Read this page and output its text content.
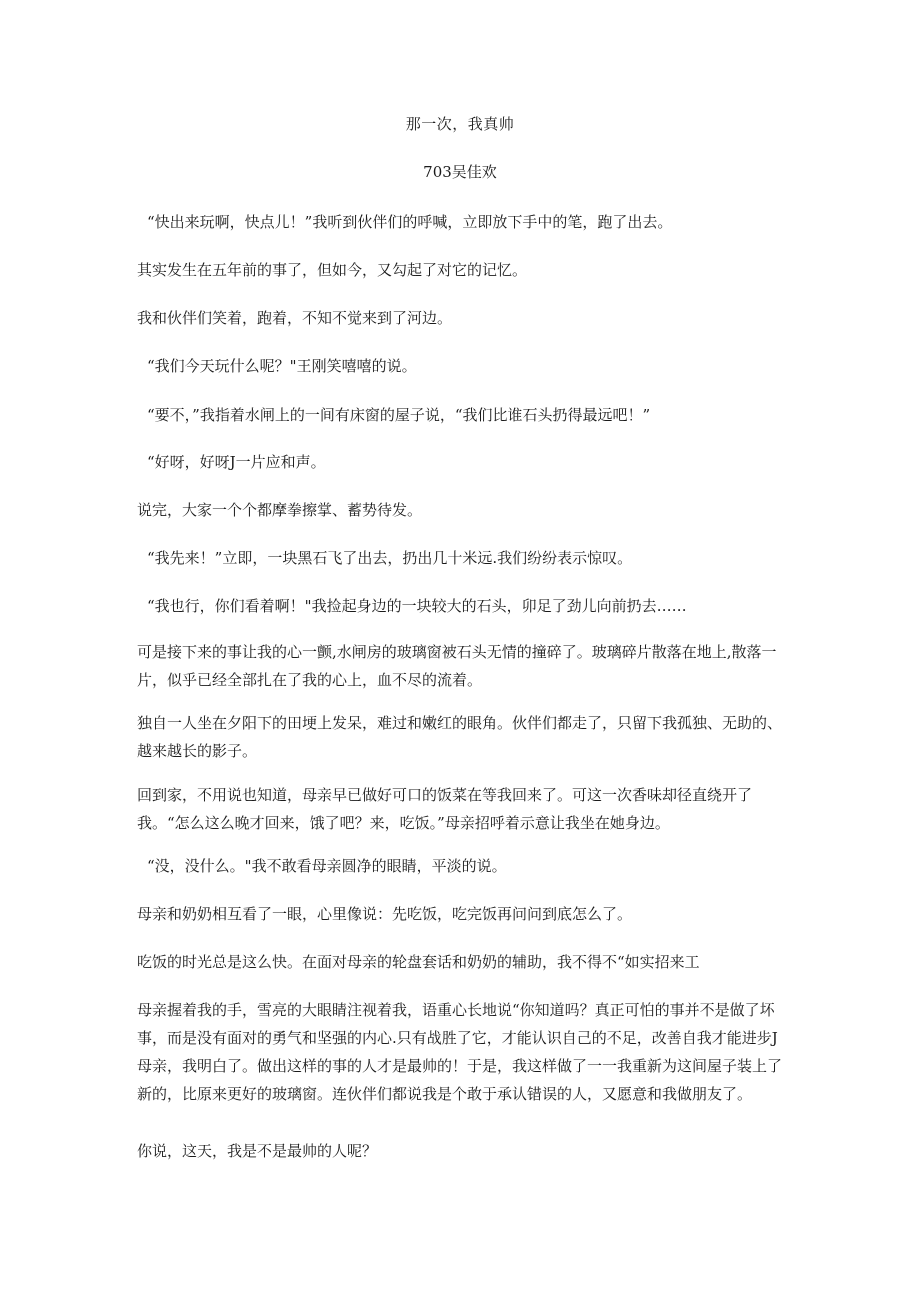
那一次，我真帅
703吴佳欢

“快出来玩啊，快点儿！”我听到伙伴们的呼喊，立即放下手中的笔，跑了出去。

其实发生在五年前的事了，但如今，又勾起了对它的记忆。

我和伙伴们笑着，跑着，不知不觉来到了河边。

“我们今天玩什么呢？"王刚笑嘻嘻的说。

“要不，”我指着水闸上的一间有床窗的屋子说，“我们比谁石头扔得最远吧！”

“好呀，好呀J一片应和声。

说完，大家一个个都摩拳擦掌、蓄势待发。

“我先来！”立即，一块黑石飞了出去，扔出几十米远.我们纷纷表示惊叹。

“我也行，你们看着啊！"我捡起身边的一块较大的石头，卯足了劲儿向前扔去……

可是接下来的事让我的心一颤,水闸房的玻璃窗被石头无情的撞碎了。玻璃碎片散落在地上,散落一片，似乎已经全部扎在了我的心上，血不尽的流着。

独自一人坐在夕阳下的田埂上发呆，难过和嫩红的眼角。伙伴们都走了，只留下我孤独、无助的、越来越长的影子。

回到家，不用说也知道，母亲早已做好可口的饭菜在等我回来了。可这一次香味却径直绕开了我。“怎么这么晚才回来，饿了吧？来，吃饭。”母亲招呼着示意让我坐在她身边。

“没，没什么。"我不敢看母亲圆净的眼睛，平淡的说。

母亲和奶奶相互看了一眼，心里像说：先吃饭，吃完饭再问问到底怎么了。

吃饭的时光总是这么快。在面对母亲的轮盘套话和奶奶的辅助，我不得不“如实招来工

母亲握着我的手，雪亮的大眼睛注视着我，语重心长地说“你知道吗？真正可怕的事并不是做了坏事，而是没有面对的勇气和坚强的内心.只有战胜了它，才能认识自己的不足，改善自我才能进步J母亲，我明白了。做出这样的事的人才是最帅的！于是，我这样做了一一我重新为这间屋子装上了新的，比原来更好的玻璃窗。连伙伴们都说我是个敢于承认错误的人，又愿意和我做朋友了。

你说，这天，我是不是最帅的人呢？
